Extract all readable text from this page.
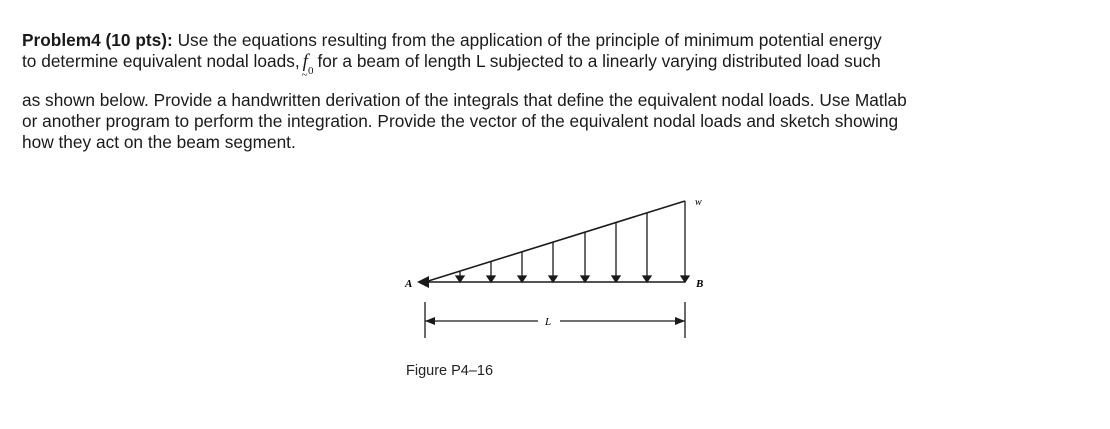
Problem4 (10 pts): Use the equations resulting from the application of the principle of minimum potential energy
to determine equivalent nodal loads, $f_0$
~
for a beam of length L subjected to a linearly varying distributed load such
as shown below. Provide a handwritten derivation of the integrals that define the equivalent nodal loads. Use Matlab
or another program to perform the integration. Provide the vector of the equivalent nodal loads and sketch showing
how they act on the beam segment.

w
A	B
L
Figure P4–16
